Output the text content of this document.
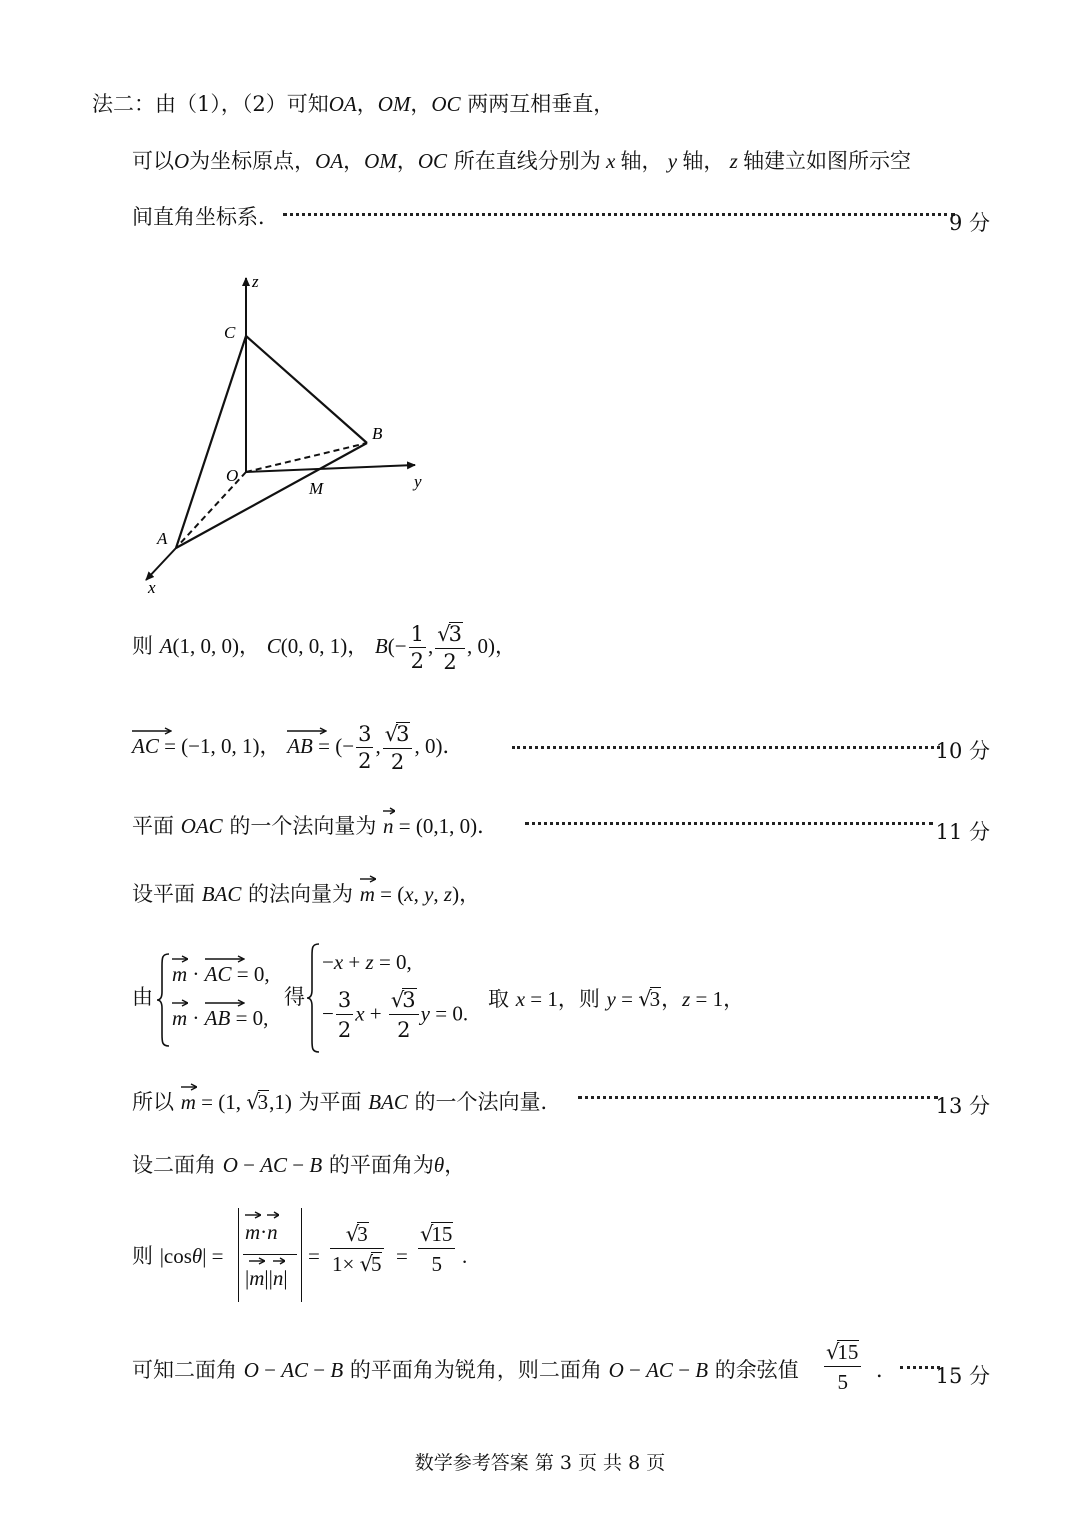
法二：由（1），（2）可知OA，OM，OC 两两互相垂直，
可以O为坐标原点，OA，OM，OC 所在直线分别为 x 轴， y 轴， z 轴建立如图所示空
间直角坐标系．	9 分
z
C
B
O	y
M
A
x
则 A(1, 0, 0)， C(0, 0, 1)， $B(- \frac{1}{2}$ , $\frac{√3}{2}$ , 0)，
AC
= (−1, 0, 1)， AB
= (− $\frac{3}{2}$ , $\frac{√3}{2}$ , 0)．	10 分
平面 OAC 的一个法向量为 n
= (0,1, 0)．	11 分
设平面 BAC 的法向量为 m
= (x, y, z)，
由
m
· AC
= 0,
m
· AB
= 0,
得
−x + z = 0,
− $\frac{3}{2}$ $x + \frac{√3}{2}$ y = 0.
取 x = 1，则 y = √3，z = 1，
所以 m
= (1, √3,1) 为平面 BAC 的一个法向量．	13 分
设二面角 O − AC − B 的平面角为θ，
则 |cosθ| =
m
·n
|m
||n
|
= $\frac{√3}{1\times √5} = \frac{√15}{5}$ .
可知二面角 O − AC − B 的平面角为锐角，则二面角 O − AC − B 的余弦值 $\frac{√15}{5}$ ． 15 分
数学参考答案 第 3 页 共 8 页
